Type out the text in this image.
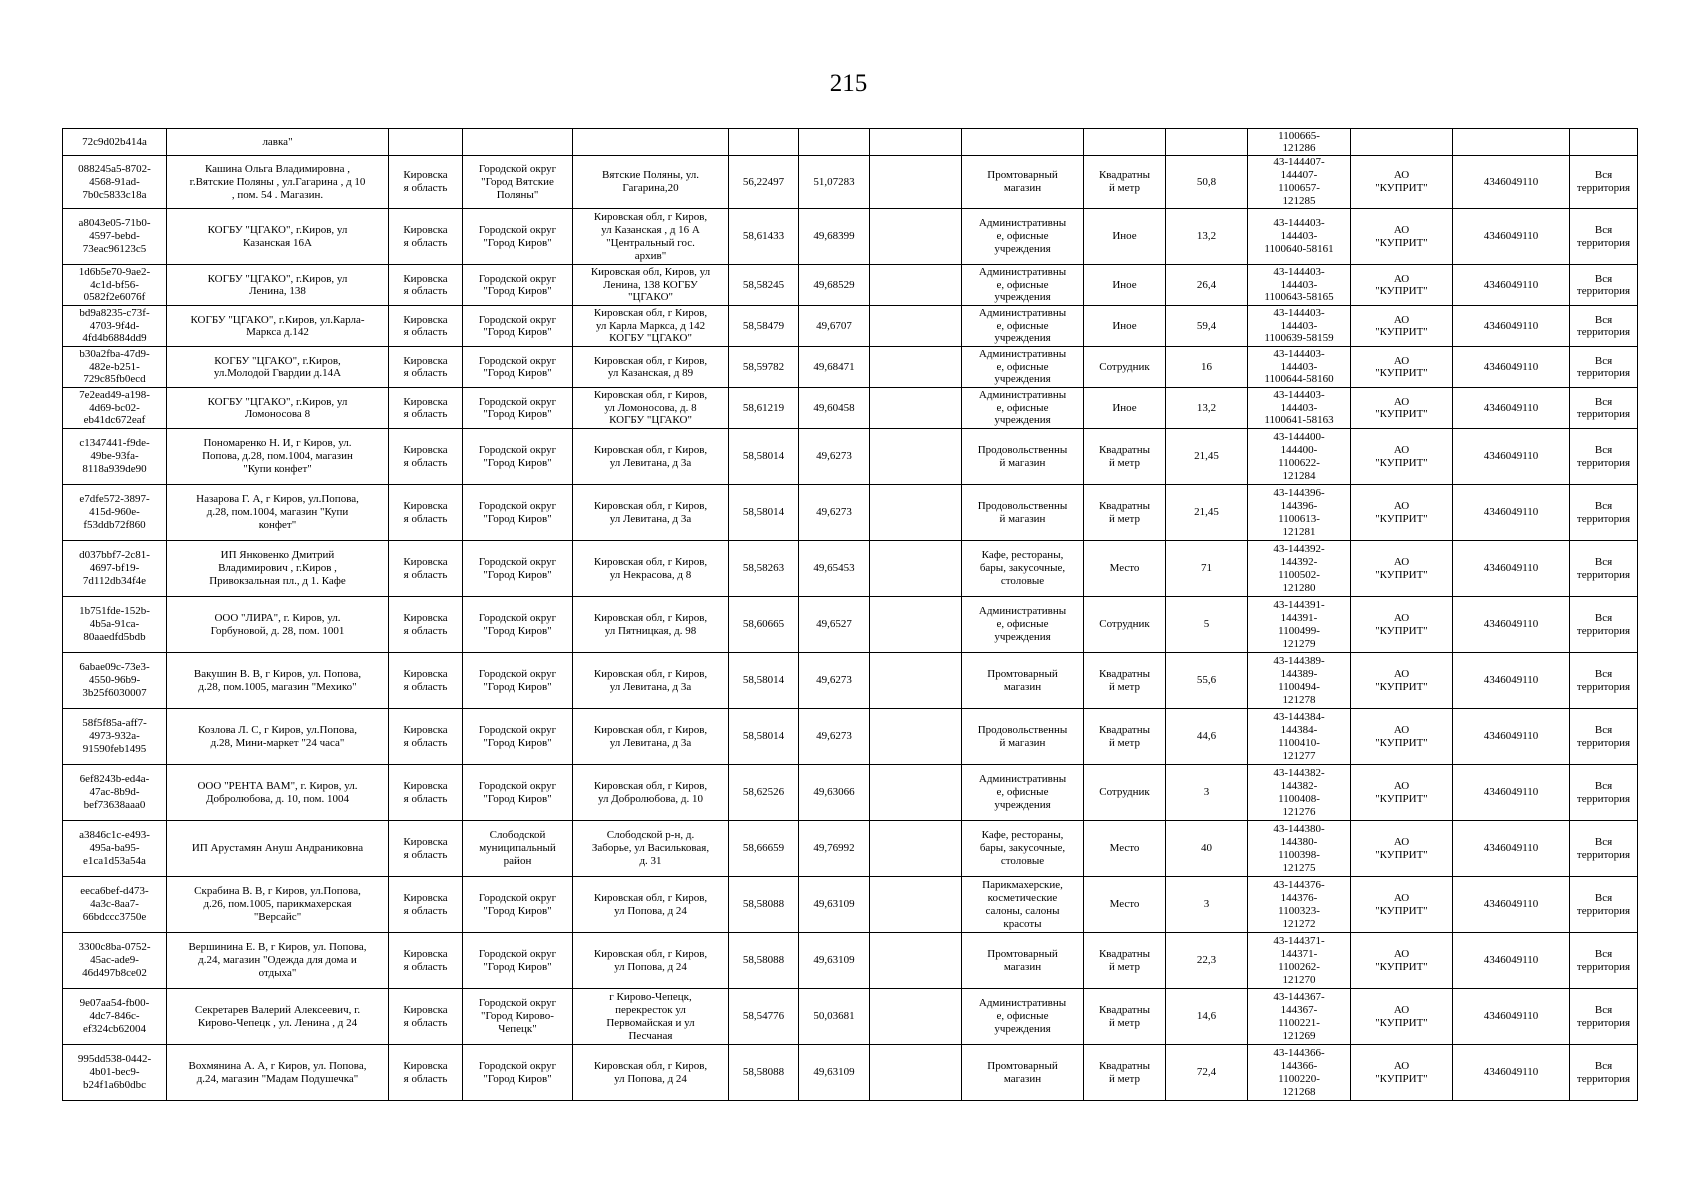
215
72c9d02b414a	лавка"										1100665-
121286			
088245a5-8702-
4568-91ad-
7b0c5833c18a	Кашина Ольга Владимировна ,
г.Вятские Поляны , ул.Гагарина , д 10
, пом. 54 . Магазин.	Кировска
я область	Городской округ
"Город Вятские
Поляны"	Вятские Поляны, ул.
Гагарина,20	56,22497	51,07283		Промтоварный
магазин	Квадратны
й метр	50,8	43-144407-
144407-
1100657-
121285	АО
"КУПРИТ"	4346049110	Вся
территория
a8043e05-71b0-
4597-bebd-
73eac96123c5	КОГБУ "ЦГАКО", г.Киров, ул
Казанская 16А	Кировска
я область	Городской округ
"Город Киров"	Кировская обл, г Киров,
ул Казанская , д 16 А
"Центральный гос.
архив"	58,61433	49,68399		Административны
е, офисные
учреждения	Иное	13,2	43-144403-
144403-
1100640-58161	АО
"КУПРИТ"	4346049110	Вся
территория
1d6b5e70-9ae2-
4c1d-bf56-
0582f2e6076f	КОГБУ "ЦГАКО", г.Киров, ул
Ленина, 138	Кировска
я область	Городской округ
"Город Киров"	Кировская обл, Киров, ул
Ленина, 138 КОГБУ
"ЦГАКО"	58,58245	49,68529		Административны
е, офисные
учреждения	Иное	26,4	43-144403-
144403-
1100643-58165	АО
"КУПРИТ"	4346049110	Вся
территория
bd9a8235-c73f-
4703-9f4d-
4fd4b6884dd9	КОГБУ "ЦГАКО", г.Киров, ул.Карла-
Маркса д.142	Кировска
я область	Городской округ
"Город Киров"	Кировская обл, г Киров,
ул Карла Маркса, д 142
КОГБУ "ЦГАКО"	58,58479	49,6707		Административны
е, офисные
учреждения	Иное	59,4	43-144403-
144403-
1100639-58159	АО
"КУПРИТ"	4346049110	Вся
территория
b30a2fba-47d9-
482e-b251-
729c85fb0ecd	КОГБУ "ЦГАКО", г.Киров,
ул.Молодой Гвардии д.14А	Кировска
я область	Городской округ
"Город Киров"	Кировская обл, г Киров,
ул Казанская, д 89	58,59782	49,68471		Административны
е, офисные
учреждения	Сотрудник	16	43-144403-
144403-
1100644-58160	АО
"КУПРИТ"	4346049110	Вся
территория
7e2ead49-a198-
4d69-bc02-
eb41dc672eaf	КОГБУ "ЦГАКО", г.Киров, ул
Ломоносова 8	Кировска
я область	Городской округ
"Город Киров"	Кировская обл, г Киров,
ул Ломоносова, д. 8
КОГБУ "ЦГАКО"	58,61219	49,60458		Административны
е, офисные
учреждения	Иное	13,2	43-144403-
144403-
1100641-58163	АО
"КУПРИТ"	4346049110	Вся
территория
c1347441-f9de-
49be-93fa-
8118a939de90	Пономаренко Н. И, г Киров, ул.
Попова, д.28, пом.1004, магазин
"Купи конфет"	Кировска
я область	Городской округ
"Город Киров"	Кировская обл, г Киров,
ул Левитана, д 3а	58,58014	49,6273		Продовольственны
й магазин	Квадратны
й метр	21,45	43-144400-
144400-
1100622-
121284	АО
"КУПРИТ"	4346049110	Вся
территория
e7dfe572-3897-
415d-960e-
f53ddb72f860	Назарова Г. А, г Киров, ул.Попова,
д.28, пом.1004, магазин "Купи
конфет"	Кировска
я область	Городской округ
"Город Киров"	Кировская обл, г Киров,
ул Левитана, д 3а	58,58014	49,6273		Продовольственны
й магазин	Квадратны
й метр	21,45	43-144396-
144396-
1100613-
121281	АО
"КУПРИТ"	4346049110	Вся
территория
d037bbf7-2c81-
4697-bf19-
7d112db34f4e	ИП Янковенко Дмитрий
Владимирович , г.Киров ,
Привокзальная пл., д 1. Кафе	Кировска
я область	Городской округ
"Город Киров"	Кировская обл, г Киров,
ул Некрасова, д 8	58,58263	49,65453		Кафе, рестораны,
бары, закусочные,
столовые	Место	71	43-144392-
144392-
1100502-
121280	АО
"КУПРИТ"	4346049110	Вся
территория
1b751fde-152b-
4b5a-91ca-
80aaedfd5bdb	ООО "ЛИРА", г. Киров, ул.
Горбуновой, д. 28, пом. 1001	Кировска
я область	Городской округ
"Город Киров"	Кировская обл, г Киров,
ул Пятницкая, д. 98	58,60665	49,6527		Административны
е, офисные
учреждения	Сотрудник	5	43-144391-
144391-
1100499-
121279	АО
"КУПРИТ"	4346049110	Вся
территория
6abae09c-73e3-
4550-96b9-
3b25f6030007	Вакушин В. В, г Киров, ул. Попова,
д.28, пом.1005, магазин "Мехико"	Кировска
я область	Городской округ
"Город Киров"	Кировская обл, г Киров,
ул Левитана, д 3а	58,58014	49,6273		Промтоварный
магазин	Квадратны
й метр	55,6	43-144389-
144389-
1100494-
121278	АО
"КУПРИТ"	4346049110	Вся
территория
58f5f85a-aff7-
4973-932a-
91590feb1495	Козлова Л. С, г Киров, ул.Попова,
д.28, Мини-маркет "24 часа"	Кировска
я область	Городской округ
"Город Киров"	Кировская обл, г Киров,
ул Левитана, д 3а	58,58014	49,6273		Продовольственны
й магазин	Квадратны
й метр	44,6	43-144384-
144384-
1100410-
121277	АО
"КУПРИТ"	4346049110	Вся
территория
6ef8243b-ed4a-
47ac-8b9d-
bef73638aaa0	ООО "РЕНТА ВАМ", г. Киров, ул.
Добролюбова, д. 10, пом. 1004	Кировска
я область	Городской округ
"Город Киров"	Кировская обл, г Киров,
ул Добролюбова, д. 10	58,62526	49,63066		Административны
е, офисные
учреждения	Сотрудник	3	43-144382-
144382-
1100408-
121276	АО
"КУПРИТ"	4346049110	Вся
территория
a3846c1c-e493-
495a-ba95-
e1ca1d53a54a	ИП Арустамян Ануш Андраниковна	Кировска
я область	Слободской
муниципальный
район	Слободской р-н, д.
Заборье, ул Васильковая,
д. 31	58,66659	49,76992		Кафе, рестораны,
бары, закусочные,
столовые	Место	40	43-144380-
144380-
1100398-
121275	АО
"КУПРИТ"	4346049110	Вся
территория
eeca6bef-d473-
4a3c-8aa7-
66bdccc3750e	Скрабина В. В, г Киров, ул.Попова,
д.26, пом.1005, парикмахерская
"Версайс"	Кировска
я область	Городской округ
"Город Киров"	Кировская обл, г Киров,
ул Попова, д 24	58,58088	49,63109		Парикмахерские,
косметические
салоны, салоны
красоты	Место	3	43-144376-
144376-
1100323-
121272	АО
"КУПРИТ"	4346049110	Вся
территория
3300c8ba-0752-
45ac-ade9-
46d497b8ce02	Вершинина Е. В, г Киров, ул. Попова,
д.24, магазин "Одежда для дома и
отдыха"	Кировска
я область	Городской округ
"Город Киров"	Кировская обл, г Киров,
ул Попова, д 24	58,58088	49,63109		Промтоварный
магазин	Квадратны
й метр	22,3	43-144371-
144371-
1100262-
121270	АО
"КУПРИТ"	4346049110	Вся
территория
9e07aa54-fb00-
4dc7-846c-
ef324cb62004	Секретарев Валерий Алексеевич, г.
Кирово-Чепецк , ул. Ленина , д 24	Кировска
я область	Городской округ
"Город Кирово-
Чепецк"	г Кирово-Чепецк,
перекресток ул
Первомайская и ул
Песчаная	58,54776	50,03681		Административны
е, офисные
учреждения	Квадратны
й метр	14,6	43-144367-
144367-
1100221-
121269	АО
"КУПРИТ"	4346049110	Вся
территория
995dd538-0442-
4b01-bec9-
b24f1a6b0dbc	Вохмянина А. А, г Киров, ул. Попова,
д.24, магазин "Мадам Подушечка"	Кировска
я область	Городской округ
"Город Киров"	Кировская обл, г Киров,
ул Попова, д 24	58,58088	49,63109		Промтоварный
магазин	Квадратны
й метр	72,4	43-144366-
144366-
1100220-
121268	АО
"КУПРИТ"	4346049110	Вся
территория
